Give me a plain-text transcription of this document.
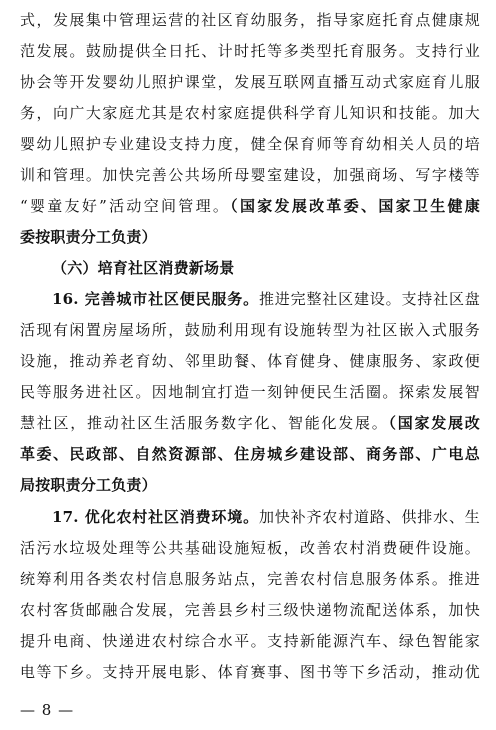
式，发展集中管理运营的社区育幼服务，指导家庭托育点健康规
范发展。鼓励提供全日托、计时托等多类型托育服务。支持行业
协会等开发婴幼儿照护课堂，发展互联网直播互动式家庭育儿服
务，向广大家庭尤其是农村家庭提供科学育儿知识和技能。加大
婴幼儿照护专业建设支持力度，健全保育师等育幼相关人员的培
训和管理。加快完善公共场所母婴室建设，加强商场、写字楼等
“婴童友好”活动空间管理。（国家发展改革委、国家卫生健康
委按职责分工负责）
（六）培育社区消费新场景
16. 完善城市社区便民服务。推进完整社区建设。支持社区盘
活现有闲置房屋场所，鼓励利用现有设施转型为社区嵌入式服务
设施，推动养老育幼、邻里助餐、体育健身、健康服务、家政便
民等服务进社区。因地制宜打造一刻钟便民生活圈。探索发展智
慧社区，推动社区生活服务数字化、智能化发展。（国家发展改
革委、民政部、自然资源部、住房城乡建设部、商务部、广电总
局按职责分工负责）
17. 优化农村社区消费环境。加快补齐农村道路、供排水、生
活污水垃圾处理等公共基础设施短板，改善农村消费硬件设施。
统筹利用各类农村信息服务站点，完善农村信息服务体系。推进
农村客货邮融合发展，完善县乡村三级快递物流配送体系，加快
提升电商、快递进农村综合水平。支持新能源汽车、绿色智能家
电等下乡。支持开展电影、体育赛事、图书等下乡活动，推动优
— 8 —
